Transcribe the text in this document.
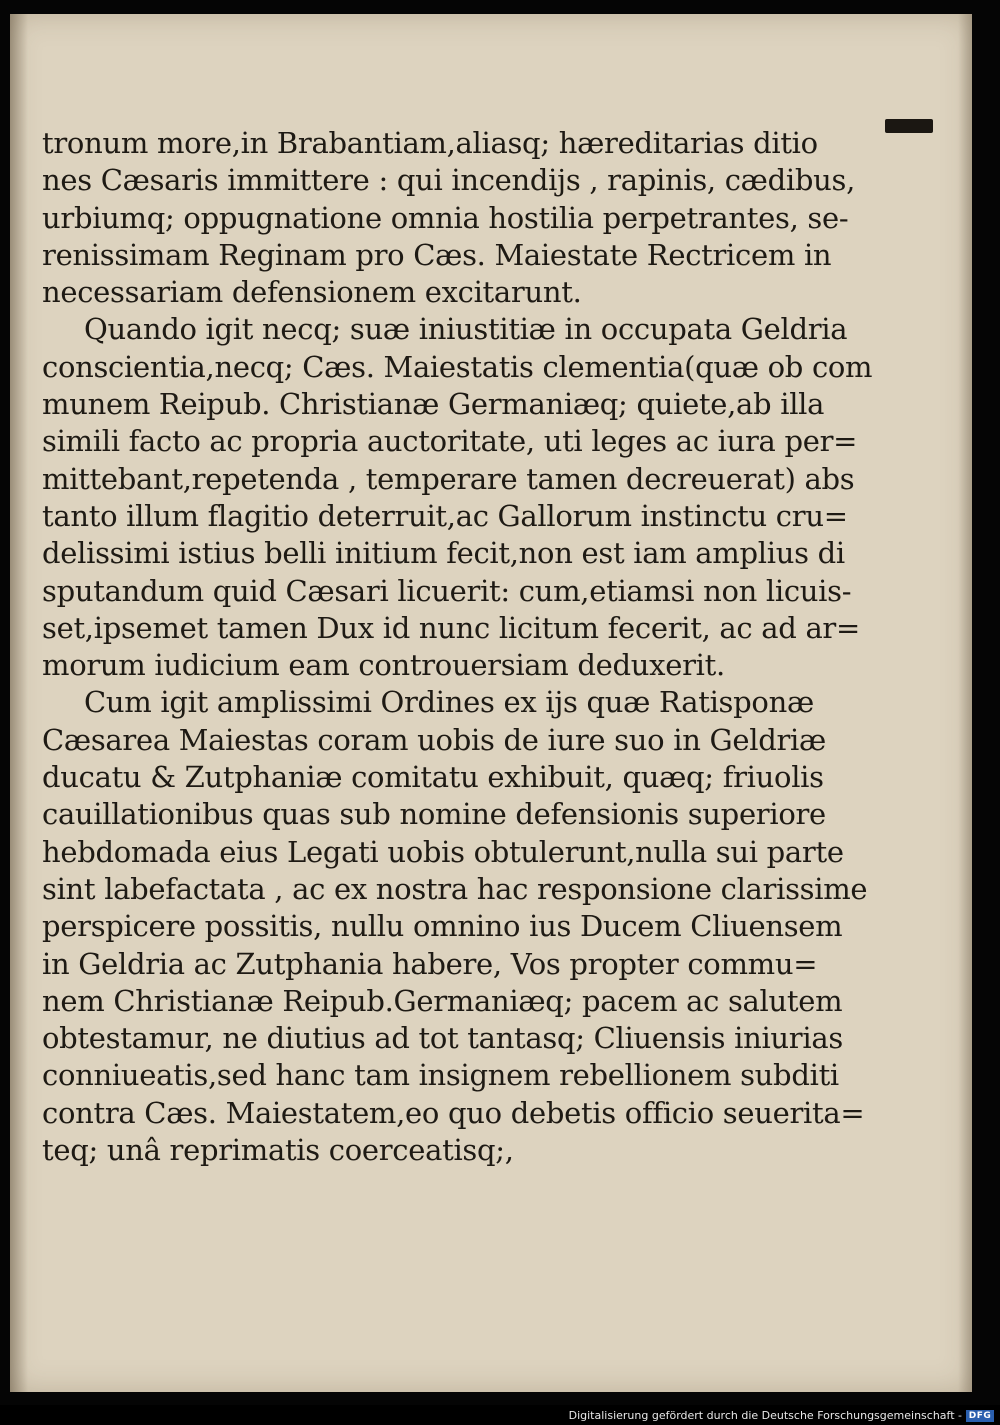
tronum more,in Brabantiam,aliasq; hæreditarias ditio
nes Cæsaris immittere : qui incendijs , rapinis, cædibus,
urbiumq; oppugnatione omnia hostilia perpetrantes, se-
renissimam Reginam pro Cæs. Maiestate Rectricem in
necessariam defensionem excitarunt.
Quando igit necq; suæ iniustitiæ in occupata Geldria
conscientia,necq; Cæs. Maiestatis clementia(quæ ob com
munem Reipub. Christianæ Germaniæq; quiete,ab illa
simili facto ac propria auctoritate, uti leges ac iura per=
mittebant,repetenda , temperare tamen decreuerat) abs
tanto illum flagitio deterruit,ac Gallorum instinctu cru=
delissimi istius belli initium fecit,non est iam amplius di
sputandum quid Cæsari licuerit: cum,etiamsi non licuis-
set,ipsemet tamen Dux id nunc licitum fecerit, ac ad ar=
morum iudicium eam controuersiam deduxerit.
Cum igit amplissimi Ordines ex ijs quæ Ratisponæ
Cæsarea Maiestas coram uobis de iure suo in Geldriæ
ducatu & Zutphaniæ comitatu exhibuit, quæq; friuolis
cauillationibus quas sub nomine defensionis superiore
hebdomada eius Legati uobis obtulerunt,nulla sui parte
sint labefactata , ac ex nostra hac responsione clarissime
perspicere possitis, nullu omnino ius Ducem Cliuensem
in Geldria ac Zutphania habere, Vos propter commu=
nem Christianæ Reipub.Germaniæq; pacem ac salutem
obtestamur, ne diutius ad tot tantasq; Cliuensis iniurias
conniueatis,sed hanc tam insignem rebellionem subditi
contra Cæs. Maiestatem,eo quo debetis officio seuerita=
teq; unâ reprimatis coerceatisq;,
Digitalisierung gefördert durch die Deutsche Forschungsgemeinschaft - DFG
